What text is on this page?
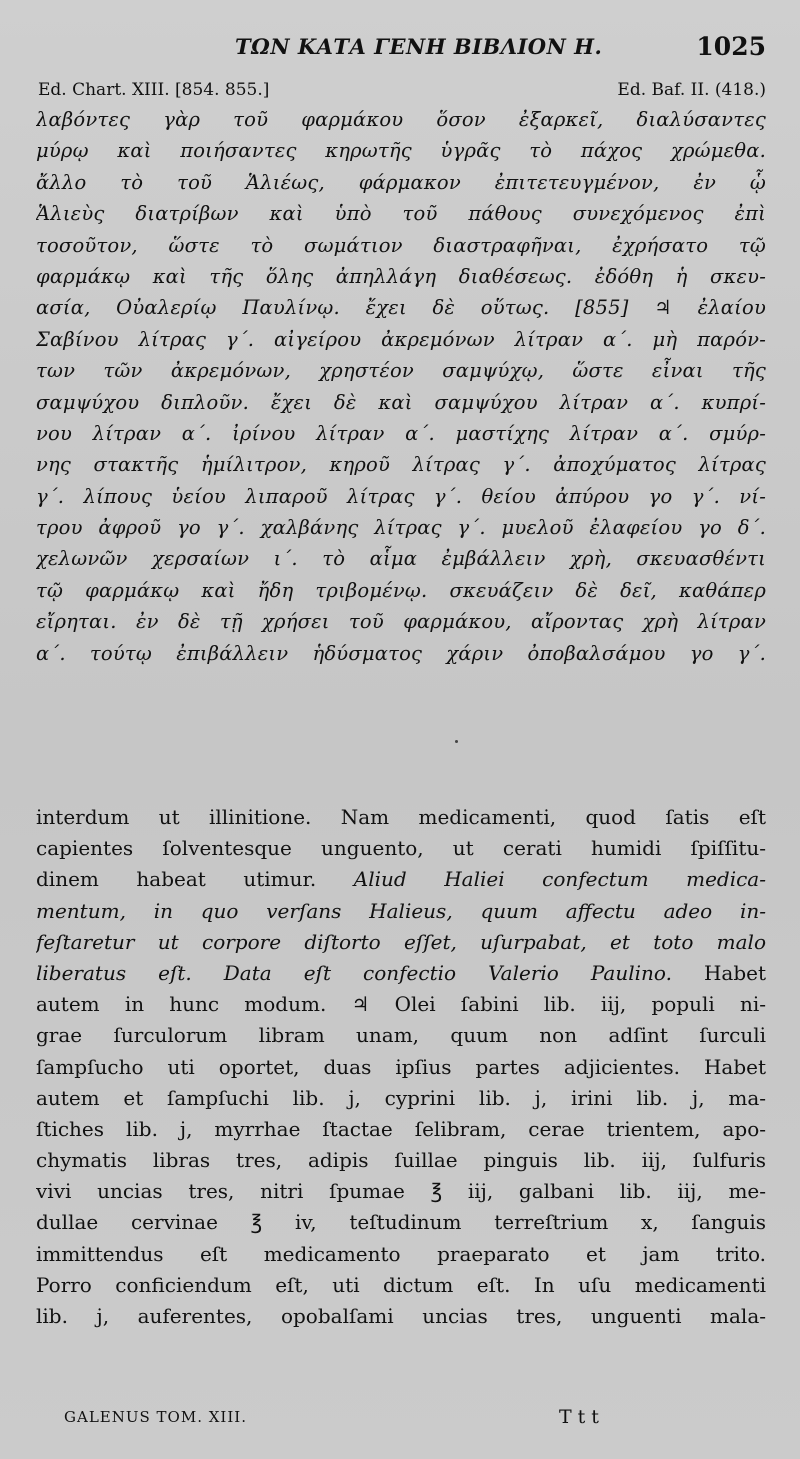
ΤΩΝ ΚΑΤΑ ΓΕΝΗ ΒΙΒΛΙΟΝ Η.	1025
Ed. Chart. XIII. [854. 855.]	Ed. Baf. II. (418.)
λαβόντες γὰρ τοῦ φαρμάκου ὅσον ἐξαρκεῖ, διαλύσαντες
μύρῳ καὶ ποιήσαντες κηρωτῆς ὑγρᾶς τὸ πάχος χρώμεθα.
ἄλλο τὸ τοῦ Ἁλιέως, φάρμακον ἐπιτετευγμένον, ἐν ᾧ
Ἁλιεὺς διατρίβων καὶ ὑπὸ τοῦ πάθους συνεχόμενος ἐπὶ
τοσοῦτον, ὥστε τὸ σωμάτιον διαστραφῆναι, ἐχρήσατο τῷ
φαρμάκῳ καὶ τῆς ὅλης ἀπηλλάγη διαθέσεως. ἐδόθη ἡ σκευ-
ασία, Οὐαλερίῳ Παυλίνῳ. ἔχει δὲ οὕτως. [855] ♃ ἐλαίου
Σαβίνου λίτρας γ΄. αἰγείρου ἀκρεμόνων λίτραν α΄. μὴ παρόν-
των τῶν ἀκρεμόνων, χρηστέον σαμψύχῳ, ὥστε εἶναι τῆς
σαμψύχου διπλοῦν. ἔχει δὲ καὶ σαμψύχου λίτραν α΄. κυπρί-
νου λίτραν α΄. ἰρίνου λίτραν α΄. μαστίχης λίτραν α΄. σμύρ-
νης στακτῆς ἡμίλιτρον, κηροῦ λίτρας γ΄. ἀποχύματος λίτρας
γ΄. λίπους ὑείου λιπαροῦ λίτρας γ΄. θείου ἀπύρου γο γ΄. νί-
τρου ἀφροῦ γο γ΄. χαλβάνης λίτρας γ΄. μυελοῦ ἐλαφείου γο δ΄.
χελωνῶν χερσαίων ι΄. τὸ αἷμα ἐμβάλλειν χρὴ, σκευασθέντι
τῷ φαρμάκῳ καὶ ἤδη τριβομένῳ. σκευάζειν δὲ δεῖ, καθάπερ
εἴρηται. ἐν δὲ τῇ χρήσει τοῦ φαρμάκου, αἴροντας χρὴ λίτραν
α΄. τούτῳ ἐπιβάλλειν ἡδύσματος χάριν ὀποβαλσάμου γο γ΄.
interdum ut illinitione. Nam medicamenti, quod ſatis eſt
capientes ſolventesque unguento, ut cerati humidi ſpiſſitu-
dinem habeat utimur. Aliud Haliei confectum medica-
mentum, in quo verſans Halieus, quum affectu adeo in-
feſtaretur ut corpore diſtorto eſſet, uſurpabat, et toto malo
liberatus eſt. Data eſt confectio Valerio Paulino. Habet
autem in hunc modum. ♃ Olei ſabini lib. iij, populi ni-
grae ſurculorum libram unam, quum non adſint ſurculi
ſampſucho uti oportet, duas ipſius partes adjicientes. Habet
autem et ſampſuchi lib. j, cyprini lib. j, irini lib. j, ma-
ſtiches lib. j, myrrhae ſtactae ſelibram, cerae trientem, apo-
chymatis libras tres, adipis ſuillae pinguis lib. iij, ſulfuris
vivi uncias tres, nitri ſpumae ℥ iij, galbani lib. iij, me-
dullae cervinae ℥ iv, teſtudinum terreſtrium x, ſanguis
immittendus eſt medicamento praeparato et jam trito.
Porro conficiendum eſt, uti dictum eſt. In uſu medicamenti
lib. j, auferentes, opobalſami uncias tres, unguenti mala-
GALENUS TOM. XIII.	Ttt
